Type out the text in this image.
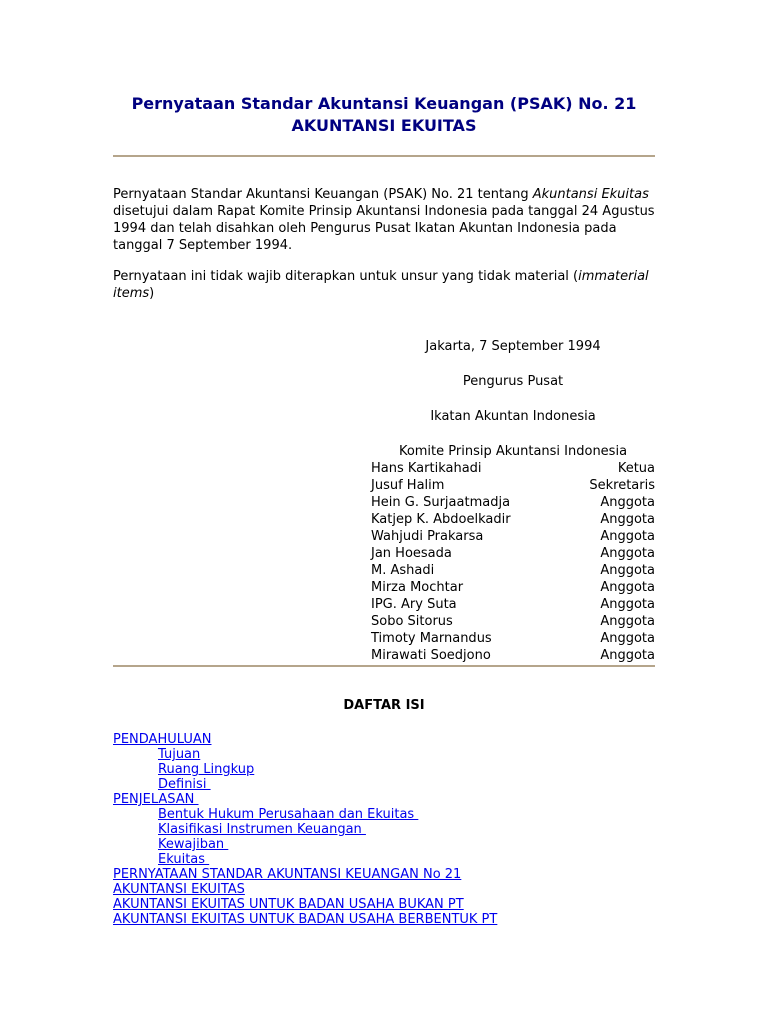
Pernyataan Standar Akuntansi Keuangan (PSAK) No. 21
AKUNTANSI EKUITAS

Pernyataan Standar Akuntansi Keuangan (PSAK) No. 21 tentang Akuntansi Ekuitas disetujui dalam Rapat Komite Prinsip Akuntansi Indonesia pada tanggal 24 Agustus 1994 dan telah disahkan oleh Pengurus Pusat Ikatan Akuntan Indonesia pada tanggal 7 September 1994.

Pernyataan ini tidak wajib diterapkan untuk unsur yang tidak material (immaterial items)

Jakarta, 7 September 1994
Pengurus Pusat
Ikatan Akuntan Indonesia
Komite Prinsip Akuntansi Indonesia
Hans Kartikahadi	Ketua
Jusuf Halim	Sekretaris
Hein G. Surjaatmadja	Anggota
Katjep K. Abdoelkadir	Anggota
Wahjudi Prakarsa	Anggota
Jan Hoesada	Anggota
M. Ashadi	Anggota
Mirza Mochtar	Anggota
IPG. Ary Suta	Anggota
Sobo Sitorus	Anggota
Timoty Marnandus	Anggota
Mirawati Soedjono	Anggota
DAFTAR ISI
PENDAHULUAN
Tujuan
Ruang Lingkup
Definisi
PENJELASAN
Bentuk Hukum Perusahaan dan Ekuitas
Klasifikasi Instrumen Keuangan
Kewajiban
Ekuitas
PERNYATAAN STANDAR AKUNTANSI KEUANGAN No 21
AKUNTANSI EKUITAS
AKUNTANSI EKUITAS UNTUK BADAN USAHA BUKAN PT
AKUNTANSI EKUITAS UNTUK BADAN USAHA BERBENTUK PT
